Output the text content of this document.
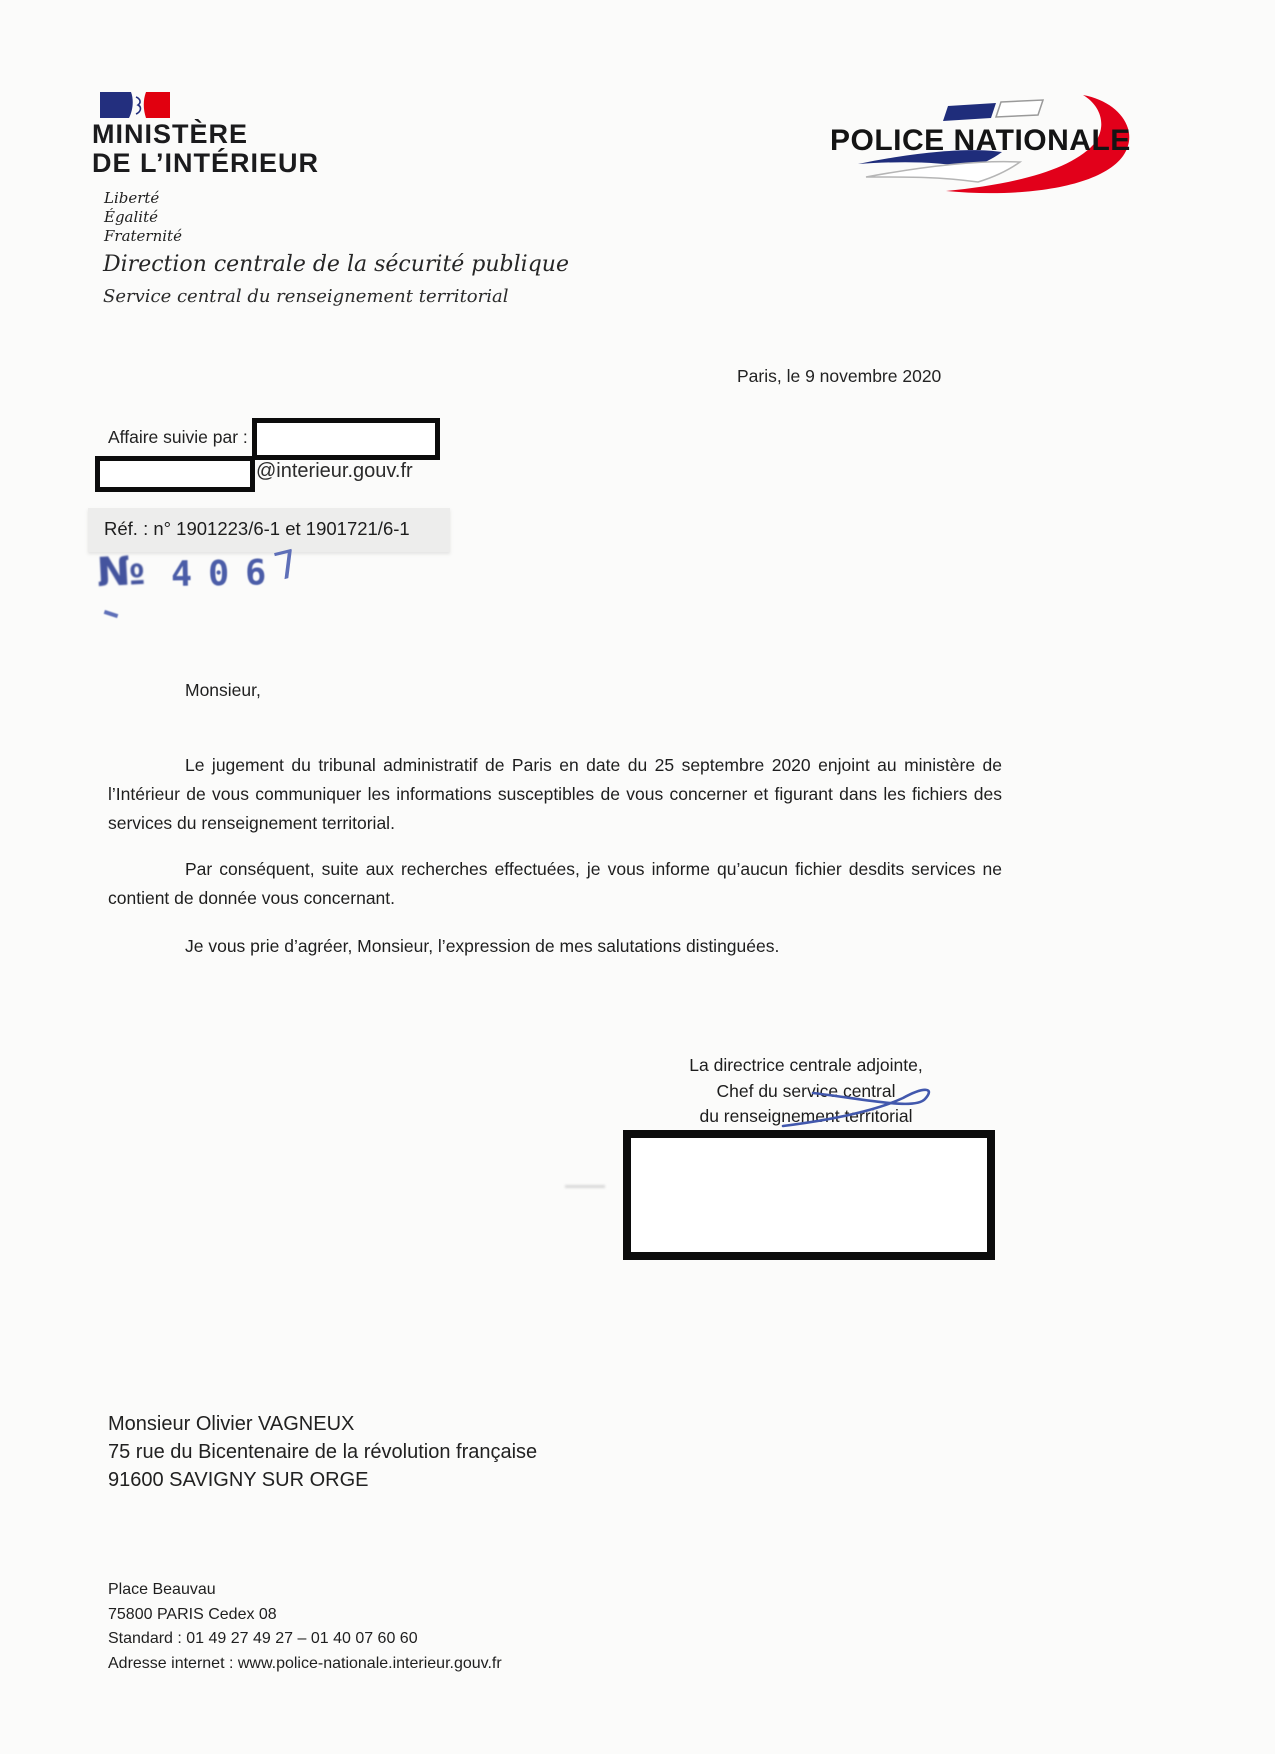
MINISTÈRE
DE L’INTÉRIEUR
Liberté
Égalité
Fraternité
POLICE NATIONALE
Direction centrale de la sécurité publique
Service central du renseignement territorial
Paris, le 9 novembre 2020
Affaire suivie par :
@interieur.gouv.fr
Réf. : n° 1901223/6-1 et 1901721/6-1
№ 4067
Monsieur,
Le jugement du tribunal administratif de Paris en date du 25 septembre 2020 enjoint au ministère de l’Intérieur de vous communiquer les informations susceptibles de vous concerner et figurant dans les fichiers des services du renseignement territorial.
Par conséquent, suite aux recherches effectuées, je vous informe qu’aucun fichier desdits services ne contient de donnée vous concernant.
Je vous prie d’agréer, Monsieur, l’expression de mes salutations distinguées.
La directrice centrale adjointe,
Chef du service central
du renseignement territorial
Monsieur Olivier VAGNEUX
75 rue du Bicentenaire de la révolution française
91600 SAVIGNY SUR ORGE
Place Beauvau
75800 PARIS Cedex 08
Standard : 01 49 27 49 27 – 01 40 07 60 60
Adresse internet : www.police-nationale.interieur.gouv.fr
